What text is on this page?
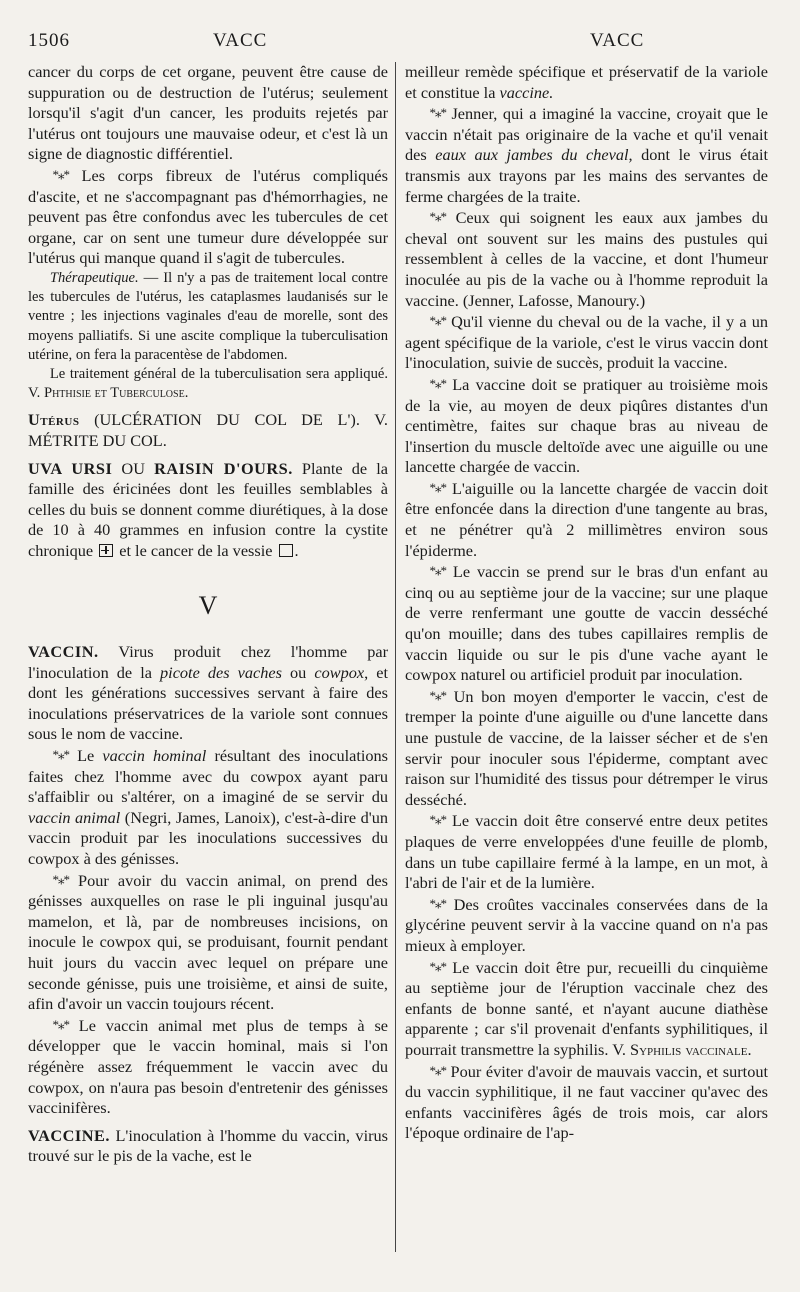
1506	VACC	VACC

cancer du corps de cet organe, peuvent être cause de suppuration ou de destruction de l'utérus; seulement lorsqu'il s'agit d'un cancer, les produits rejetés par l'utérus ont toujours une mauvaise odeur, et c'est là un signe de diagnostic différentiel.

*⁎* Les corps fibreux de l'utérus compliqués d'ascite, et ne s'accompagnant pas d'hémorrhagies, ne peuvent pas être confondus avec les tubercules de cet organe, car on sent une tumeur dure développée sur l'utérus qui manque quand il s'agit de tubercules.

Thérapeutique. — Il n'y a pas de traitement local contre les tubercules de l'utérus, les cataplasmes laudanisés sur le ventre ; les injections vaginales d'eau de morelle, sont des moyens palliatifs. Si une ascite complique la tuberculisation utérine, on fera la paracentèse de l'abdomen.

Le traitement général de la tuberculisation sera appliqué. V. Phthisie et Tuberculose.

Utérus (ULCÉRATION DU COL DE L'). V. MÉTRITE DU COL.

UVA URSI OU RAISIN D'OURS. Plante de la famille des éricinées dont les feuilles semblables à celles du buis se donnent comme diurétiques, à la dose de 10 à 40 grammes en infusion contre la cystite chronique  et le cancer de la vessie .

V

VACCIN. Virus produit chez l'homme par l'inoculation de la picote des vaches ou cowpox, et dont les générations successives servant à faire des inoculations préservatrices de la variole sont connues sous le nom de vaccine.

*⁎* Le vaccin hominal résultant des inoculations faites chez l'homme avec du cowpox ayant paru s'affaiblir ou s'altérer, on a imaginé de se servir du vaccin animal (Negri, James, Lanoix), c'est-à-dire d'un vaccin produit par les inoculations successives du cowpox à des génisses.

*⁎* Pour avoir du vaccin animal, on prend des génisses auxquelles on rase le pli inguinal jusqu'au mamelon, et là, par de nombreuses incisions, on inocule le cowpox qui, se produisant, fournit pendant huit jours du vaccin avec lequel on prépare une seconde génisse, puis une troisième, et ainsi de suite, afin d'avoir un vaccin toujours récent.

*⁎* Le vaccin animal met plus de temps à se développer que le vaccin hominal, mais si l'on régénère assez fréquemment le vaccin avec du cowpox, on n'aura pas besoin d'entretenir des génisses vaccinifères.

VACCINE. L'inoculation à l'homme du vaccin, virus trouvé sur le pis de la vache, est le

meilleur remède spécifique et préservatif de la variole et constitue la vaccine.

*⁎* Jenner, qui a imaginé la vaccine, croyait que le vaccin n'était pas originaire de la vache et qu'il venait des eaux aux jambes du cheval, dont le virus était transmis aux trayons par les mains des servantes de ferme chargées de la traite.

*⁎* Ceux qui soignent les eaux aux jambes du cheval ont souvent sur les mains des pustules qui ressemblent à celles de la vaccine, et dont l'humeur inoculée au pis de la vache ou à l'homme reproduit la vaccine. (Jenner, Lafosse, Manoury.)

*⁎* Qu'il vienne du cheval ou de la vache, il y a un agent spécifique de la variole, c'est le virus vaccin dont l'inoculation, suivie de succès, produit la vaccine.

*⁎* La vaccine doit se pratiquer au troisième mois de la vie, au moyen de deux piqûres distantes d'un centimètre, faites sur chaque bras au niveau de l'insertion du muscle deltoïde avec une aiguille ou une lancette chargée de vaccin.

*⁎* L'aiguille ou la lancette chargée de vaccin doit être enfoncée dans la direction d'une tangente au bras, et ne pénétrer qu'à 2 millimètres environ sous l'épiderme.

*⁎* Le vaccin se prend sur le bras d'un enfant au cinq ou au septième jour de la vaccine; sur une plaque de verre renfermant une goutte de vaccin desséché qu'on mouille; dans des tubes capillaires remplis de vaccin liquide ou sur le pis d'une vache ayant le cowpox naturel ou artificiel produit par inoculation.

*⁎* Un bon moyen d'emporter le vaccin, c'est de tremper la pointe d'une aiguille ou d'une lancette dans une pustule de vaccine, de la laisser sécher et de s'en servir pour inoculer sous l'épiderme, comptant avec raison sur l'humidité des tissus pour détremper le virus desséché.

*⁎* Le vaccin doit être conservé entre deux petites plaques de verre enveloppées d'une feuille de plomb, dans un tube capillaire fermé à la lampe, en un mot, à l'abri de l'air et de la lumière.

*⁎* Des croûtes vaccinales conservées dans de la glycérine peuvent servir à la vaccine quand on n'a pas mieux à employer.

*⁎* Le vaccin doit être pur, recueilli du cinquième au septième jour de l'éruption vaccinale chez des enfants de bonne santé, et n'ayant aucune diathèse apparente ; car s'il provenait d'enfants syphilitiques, il pourrait transmettre la syphilis. V. Syphilis vaccinale.

*⁎* Pour éviter d'avoir de mauvais vaccin, et surtout du vaccin syphilitique, il ne faut vacciner qu'avec des enfants vaccinifères âgés de trois mois, car alors l'époque ordinaire de l'ap-
